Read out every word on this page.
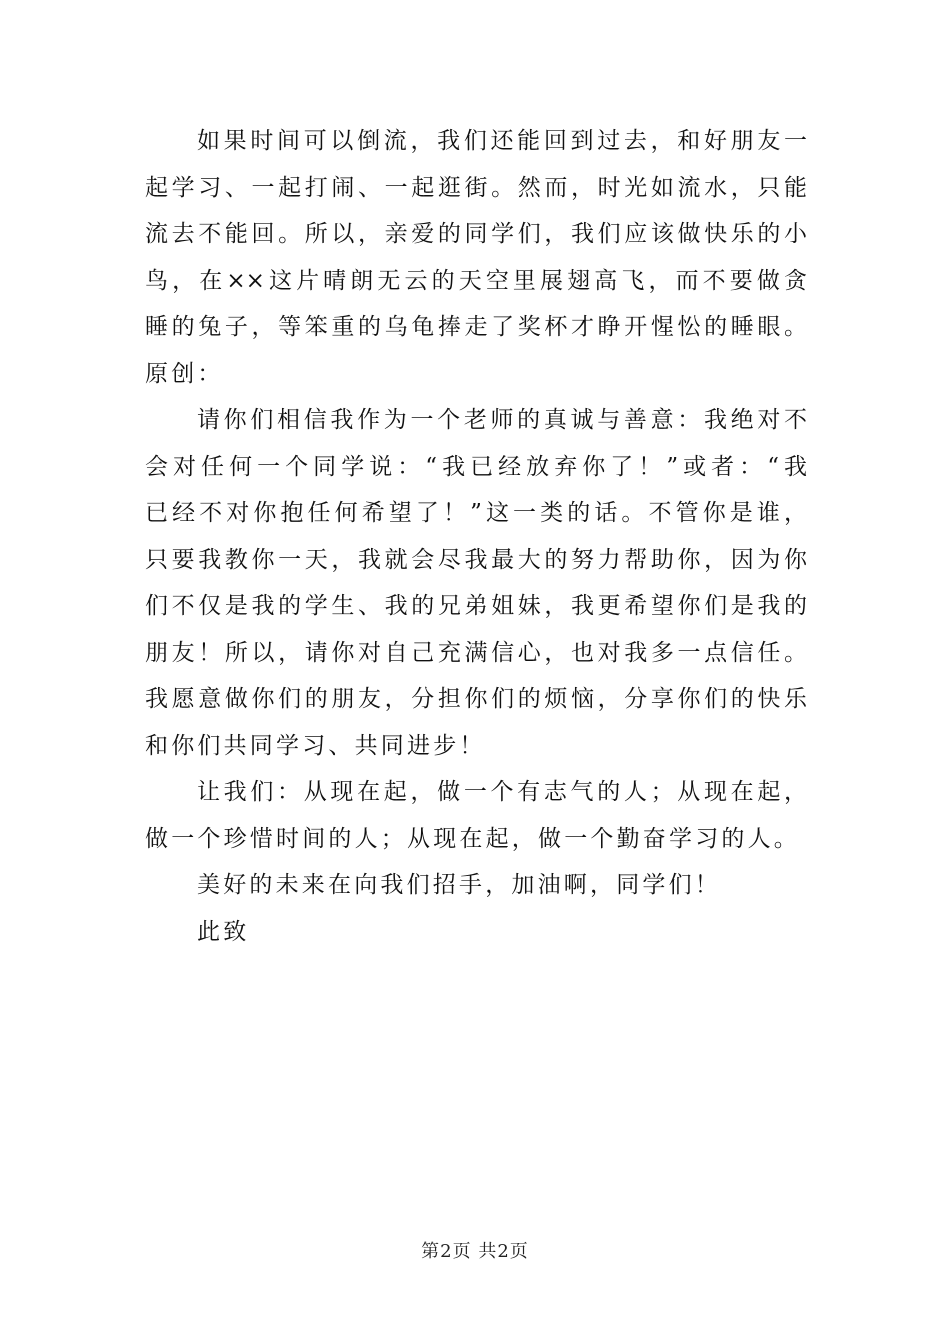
如果时间可以倒流，我们还能回到过去，和好朋友一
起学习、一起打闹、一起逛街。然而，时光如流水，只能
流去不能回。所以，亲爱的同学们，我们应该做快乐的小
鸟，在××这片晴朗无云的天空里展翅高飞，而不要做贪
睡的兔子，等笨重的乌龟捧走了奖杯才睁开惺忪的睡眼。
原创：
请你们相信我作为一个老师的真诚与善意：我绝对不
会对任何一个同学说：“我已经放弃你了！”或者：“我
已经不对你抱任何希望了！”这一类的话。不管你是谁，
只要我教你一天，我就会尽我最大的努力帮助你，因为你
们不仅是我的学生、我的兄弟姐妹，我更希望你们是我的
朋友！所以，请你对自己充满信心，也对我多一点信任。
我愿意做你们的朋友，分担你们的烦恼，分享你们的快乐
和你们共同学习、共同进步！
让我们：从现在起，做一个有志气的人；从现在起，
做一个珍惜时间的人；从现在起，做一个勤奋学习的人。
美好的未来在向我们招手，加油啊，同学们！
此致
第2页 共2页
